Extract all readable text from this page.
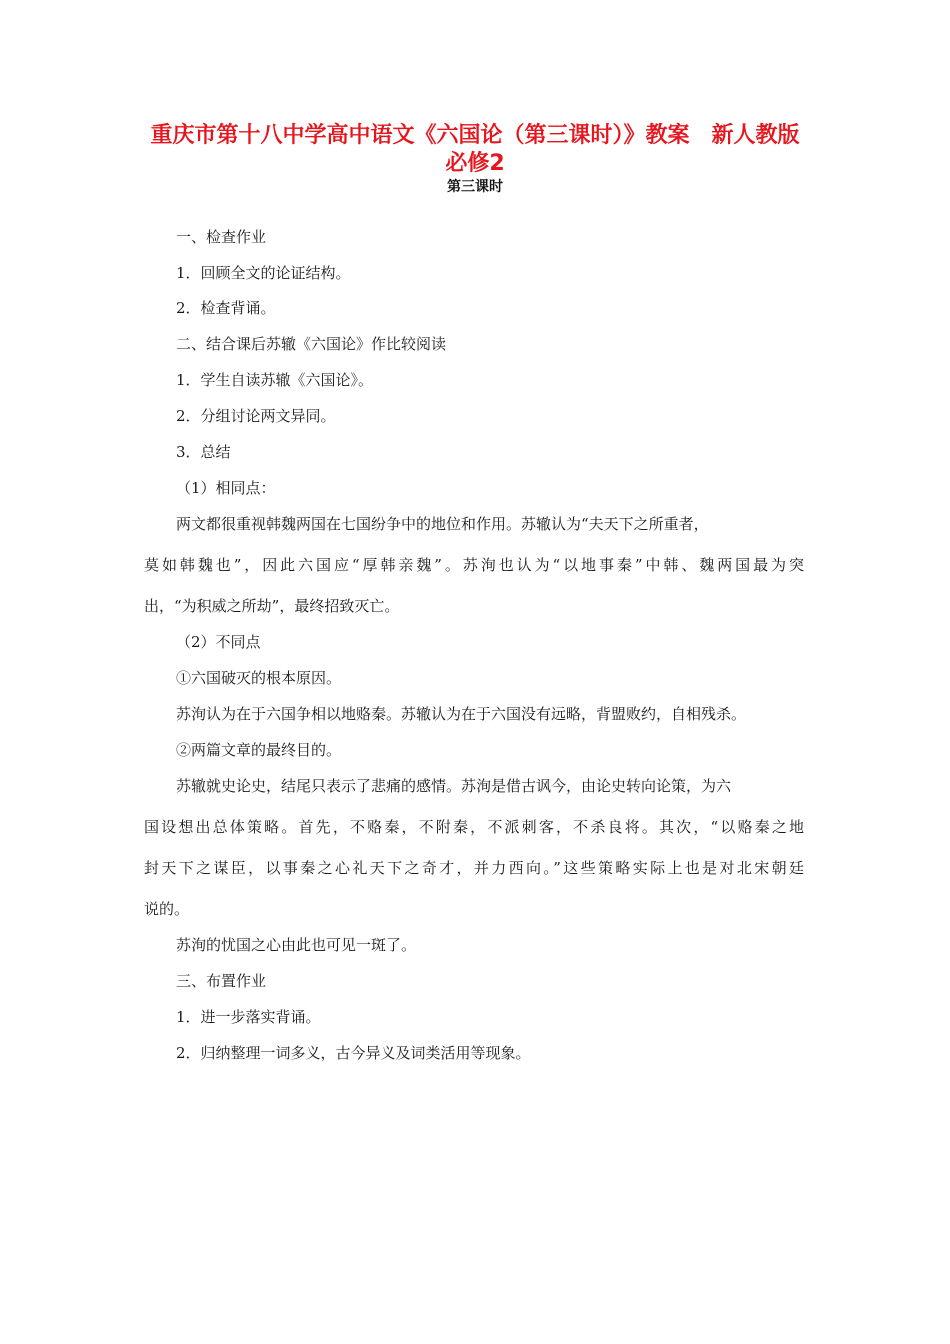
重庆市第十八中学高中语文《六国论（第三课时）》教案　新人教版必修2
第三课时
一、检查作业
1．回顾全文的论证结构。
2．检查背诵。
二、结合课后苏辙《六国论》作比较阅读
1．学生自读苏辙《六国论》。
2．分组讨论两文异同。
3．总结
（1）相同点：
两文都很重视韩魏两国在七国纷争中的地位和作用。苏辙认为“夫天下之所重者，
莫如韩魏也”，因此六国应“厚韩亲魏”。苏洵也认为“以地事秦”中韩、魏两国最为突
出，“为积威之所劫”，最终招致灭亡。
（2）不同点
①六国破灭的根本原因。
苏洵认为在于六国争相以地赂秦。苏辙认为在于六国没有远略，背盟败约，自相残杀。
②两篇文章的最终目的。
苏辙就史论史，结尾只表示了悲痛的感情。苏洵是借古讽今，由论史转向论策，为六
国设想出总体策略。首先，不赂秦，不附秦，不派刺客，不杀良将。其次，“以赂秦之地
封天下之谋臣，以事秦之心礼天下之奇才，并力西向。”这些策略实际上也是对北宋朝廷
说的。
苏洵的忧国之心由此也可见一斑了。
三、布置作业
1．进一步落实背诵。
2．归纳整理一词多义，古今异义及词类活用等现象。
